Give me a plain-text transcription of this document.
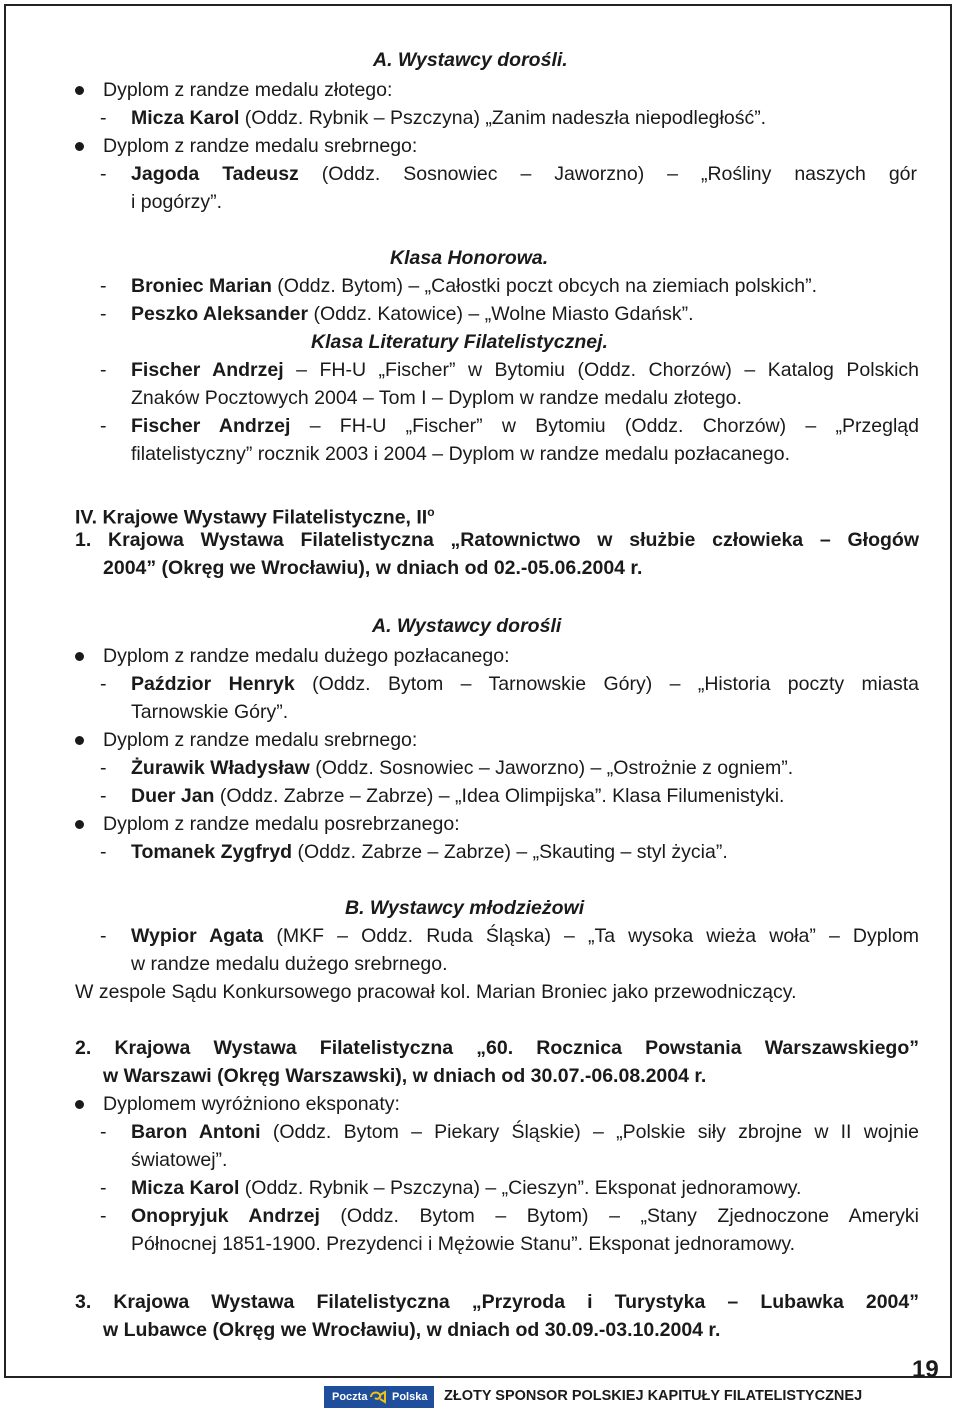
A. Wystawcy dorośli.
Dyplom z randze medalu złotego:
- Micza Karol (Oddz. Rybnik – Pszczyna) „Zanim nadeszła niepodległość”.
Dyplom z randze medalu srebrnego:
- Jagoda Tadeusz (Oddz. Sosnowiec – Jaworzno) – „Rośliny naszych gór
i pogórzy”.
Klasa Honorowa.
- Broniec Marian (Oddz. Bytom) – „Całostki poczt obcych na ziemiach polskich”.
- Peszko Aleksander (Oddz. Katowice) – „Wolne Miasto Gdańsk”.
Klasa Literatury Filatelistycznej.
- Fischer Andrzej – FH-U „Fischer” w Bytomiu (Oddz. Chorzów) – Katalog Polskich
Znaków Pocztowych 2004 – Tom I – Dyplom w randze medalu złotego.
- Fischer Andrzej – FH-U „Fischer” w Bytomiu (Oddz. Chorzów) – „Przegląd
filatelistyczny” rocznik 2003 i 2004 – Dyplom w randze medalu pozłacanego.
IV. Krajowe Wystawy Filatelistyczne, $II^o$
1. Krajowa Wystawa Filatelistyczna „Ratownictwo w służbie człowieka – Głogów
2004” (Okręg we Wrocławiu), w dniach od 02.-05.06.2004 r.
A. Wystawcy dorośli
Dyplom z randze medalu dużego pozłacanego:
- Paździor Henryk (Oddz. Bytom – Tarnowskie Góry) – „Historia poczty miasta
Tarnowskie Góry”.
Dyplom z randze medalu srebrnego:
- Żurawik Władysław (Oddz. Sosnowiec – Jaworzno) – „Ostrożnie z ogniem”.
- Duer Jan (Oddz. Zabrze – Zabrze) – „Idea Olimpijska”. Klasa Filumenistyki.
Dyplom z randze medalu posrebrzanego:
- Tomanek Zygfryd (Oddz. Zabrze – Zabrze) – „Skauting – styl życia”.
B. Wystawcy młodzieżowi
- Wypior Agata (MKF – Oddz. Ruda Śląska) – „Ta wysoka wieża woła” – Dyplom
w randze medalu dużego srebrnego.
W zespole Sądu Konkursowego pracował kol. Marian Broniec jako przewodniczący.
2. Krajowa Wystawa Filatelistyczna „60. Rocznica Powstania Warszawskiego”
w Warszawi (Okręg Warszawski), w dniach od 30.07.-06.08.2004 r.
Dyplomem wyróżniono eksponaty:
- Baron Antoni (Oddz. Bytom – Piekary Śląskie) – „Polskie siły zbrojne w II wojnie
światowej”.
- Micza Karol (Oddz. Rybnik – Pszczyna) – „Cieszyn”. Eksponat jednoramowy.
- Onopryjuk Andrzej (Oddz. Bytom – Bytom) – „Stany Zjednoczone Ameryki
Północnej 1851-1900. Prezydenci i Mężowie Stanu”. Eksponat jednoramowy.
3. Krajowa Wystawa Filatelistyczna „Przyroda i Turystyka – Lubawka 2004”
w Lubawce (Okręg we Wrocławiu), w dniach od 30.09.-03.10.2004 r.
19
Poczta Polska ZŁOTY SPONSOR POLSKIEJ KAPITUŁY FILATELISTYCZNEJ
